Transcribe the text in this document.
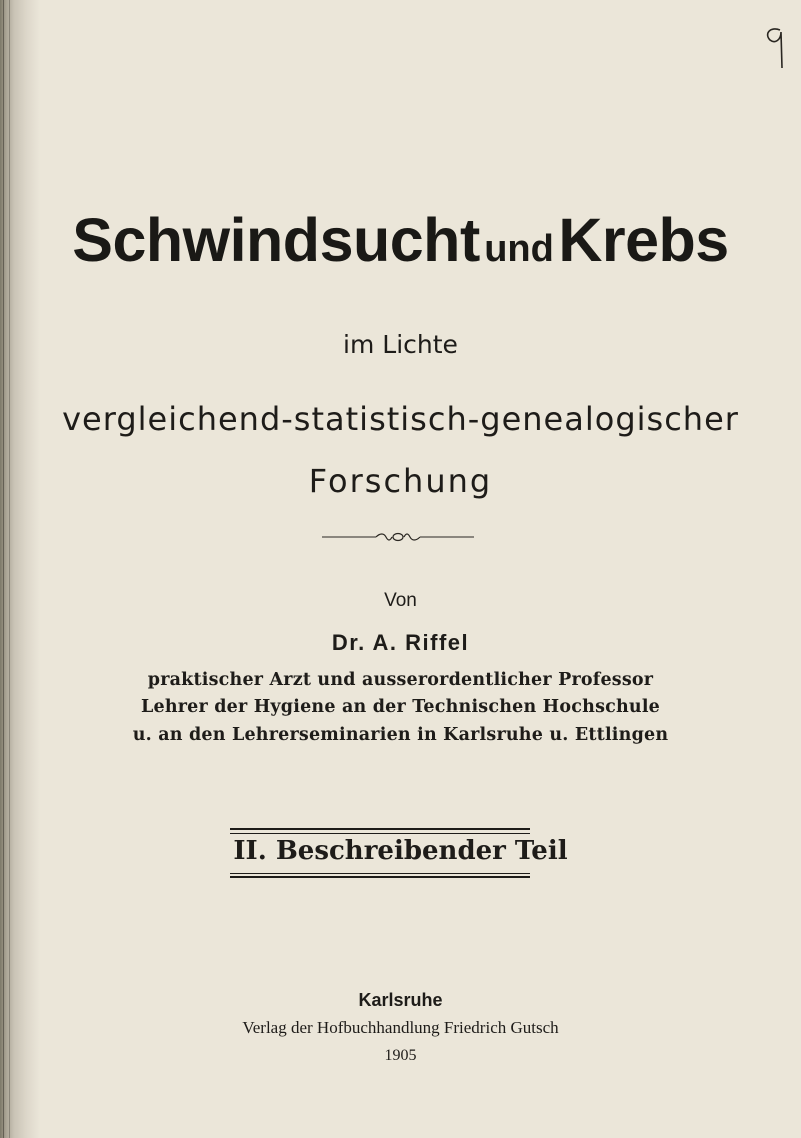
Schwindsucht und Krebs
im Lichte
vergleichend-statistisch-genealogischer
Forschung
Von
Dr. A. Riffel
praktischer Arzt und ausserordentlicher Professor
Lehrer der Hygiene an der Technischen Hochschule
u. an den Lehrerseminarien in Karlsruhe u. Ettlingen
II. Beschreibender Teil
Karlsruhe
Verlag der Hofbuchhandlung Friedrich Gutsch
1905
